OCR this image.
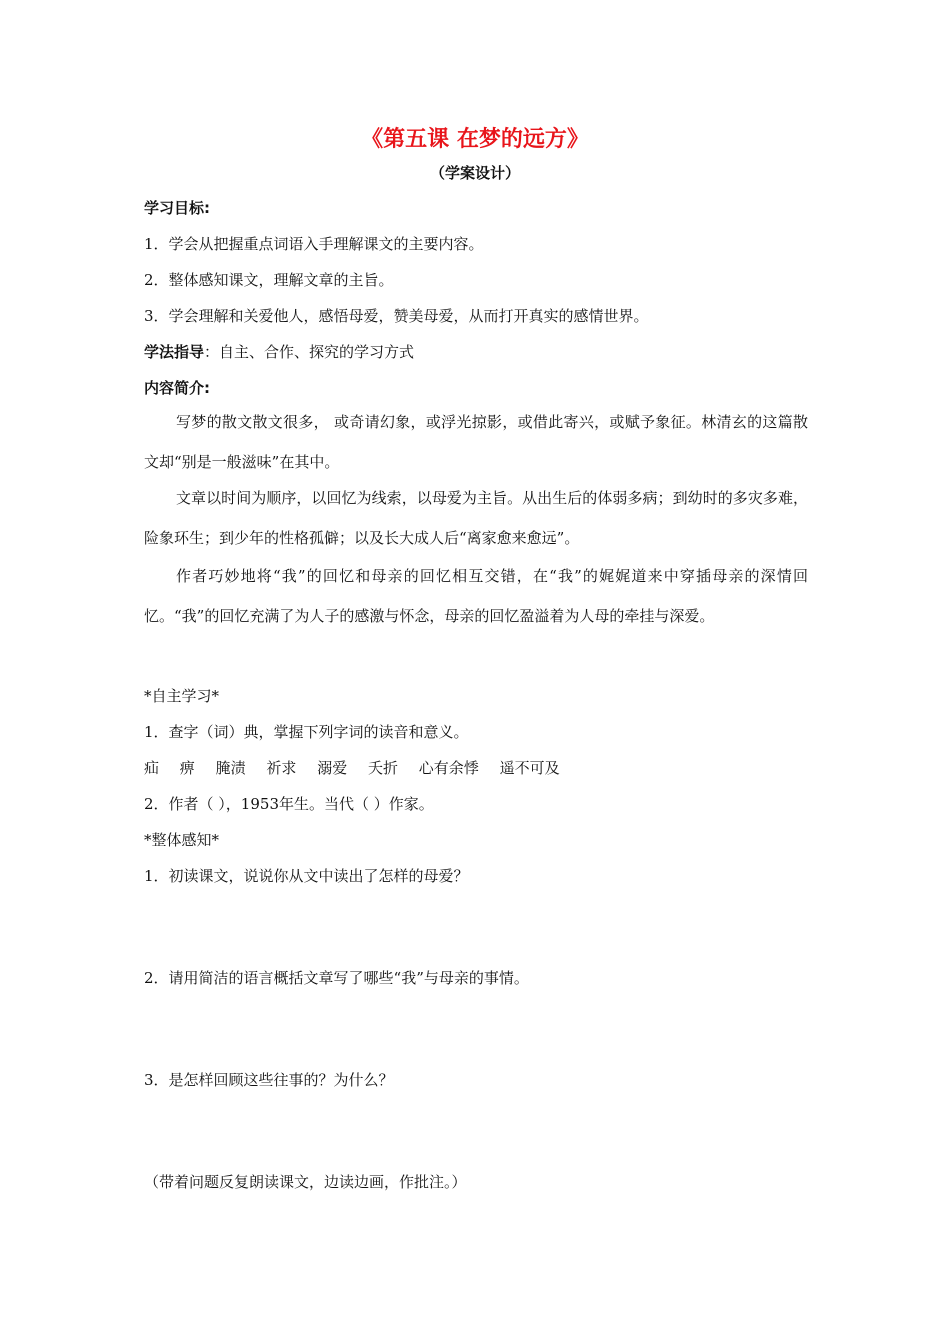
《第五课 在梦的远方》
（学案设计）
学习目标:
1．学会从把握重点词语入手理解课文的主要内容。
2．整体感知课文，理解文章的主旨。
3．学会理解和关爱他人，感悟母爱，赞美母爱，从而打开真实的感情世界。
学法指导：自主、合作、探究的学习方式
内容简介:
写梦的散文散文很多， 或奇请幻象，或浮光掠影，或借此寄兴，或赋予象征。林清玄的这篇散文却“别是一般滋味”在其中。
文章以时间为顺序，以回忆为线索，以母爱为主旨。从出生后的体弱多病；到幼时的多灾多难，险象环生；到少年的性格孤僻；以及长大成人后“离家愈来愈远”。
作者巧妙地将“我”的回忆和母亲的回忆相互交错，在“我”的娓娓道来中穿插母亲的深情回忆。“我”的回忆充满了为人子的感激与怀念，母亲的回忆盈溢着为人母的牵挂与深爱。
*自主学习*
1．查字（词）典，掌握下列字词的读音和意义。
疝 痹 腌渍 祈求 溺爱 夭折 心有余悸 遥不可及
2．作者（ ），1953年生。当代（ ）作家。
*整体感知*
1．初读课文，说说你从文中读出了怎样的母爱？
2．请用简洁的语言概括文章写了哪些“我”与母亲的事情。
3．是怎样回顾这些往事的？为什么？
（带着问题反复朗读课文，边读边画，作批注。）
